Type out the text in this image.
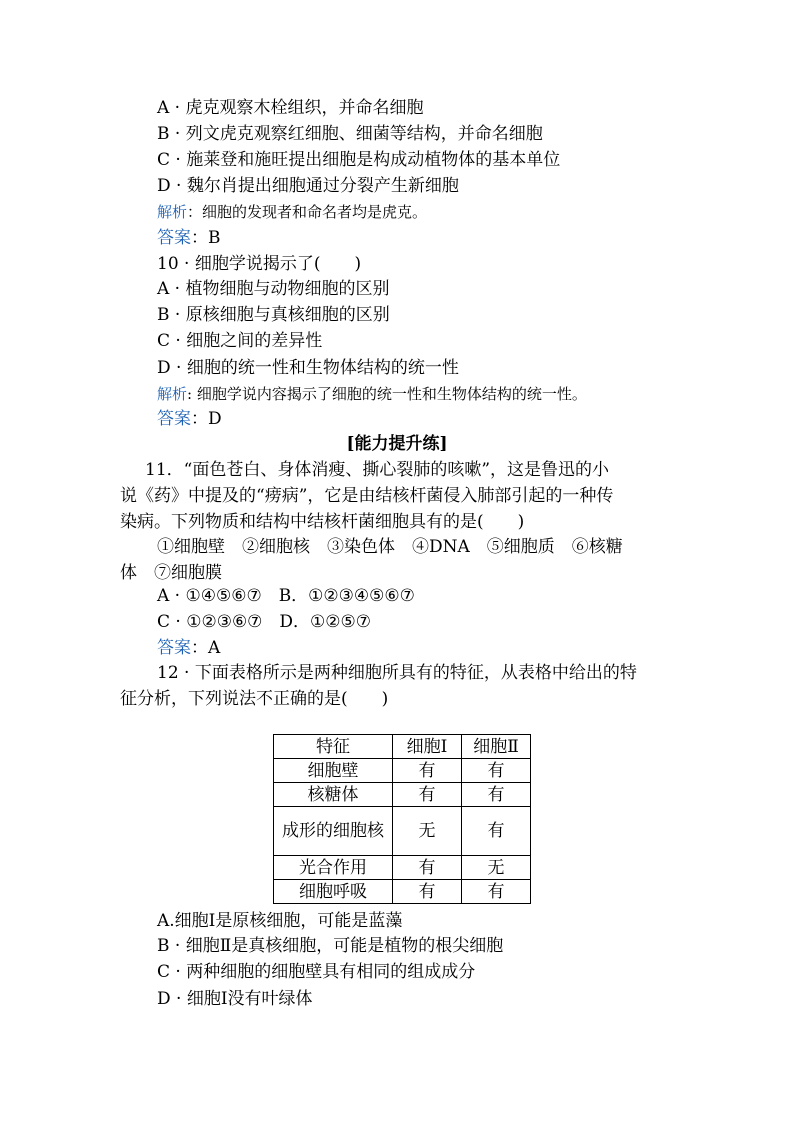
A · 虎克观察木栓组织，并命名细胞
B · 列文虎克观察红细胞、细菌等结构，并命名细胞
C · 施莱登和施旺提出细胞是构成动植物体的基本单位
D · 魏尔肖提出细胞通过分裂产生新细胞
解析：细胞的发现者和命名者均是虎克。
答案：B
10 · 细胞学说揭示了(　　)
A · 植物细胞与动物细胞的区别
B · 原核细胞与真核细胞的区别
C · 细胞之间的差异性
D · 细胞的统一性和生物体结构的统一性
解析: 细胞学说内容揭示了细胞的统一性和生物体结构的统一性。
答案：D
[能力提升练]
11．“面色苍白、身体消瘦、撕心裂肺的咳嗽”，这是鲁迅的小
说《药》中提及的“痨病”，它是由结核杆菌侵入肺部引起的一种传
染病。下列物质和结构中结核杆菌细胞具有的是(　　)
①细胞壁　②细胞核　③染色体　④DNA　⑤细胞质　⑥核糖
体　⑦细胞膜
A · ①④⑤⑥⑦　B．①②③④⑤⑥⑦
C · ①②③⑥⑦　D．①②⑤⑦
答案：A
12 · 下面表格所示是两种细胞所具有的特征，从表格中给出的特
征分析，下列说法不正确的是(　　)
特征	细胞Ⅰ	细胞Ⅱ
细胞壁	有	有
核糖体	有	有
成形的细胞核	无	有
光合作用	有	无
细胞呼吸	有	有
A.细胞Ⅰ是原核细胞，可能是蓝藻
B · 细胞Ⅱ是真核细胞，可能是植物的根尖细胞
C · 两种细胞的细胞壁具有相同的组成成分
D · 细胞Ⅰ没有叶绿体
